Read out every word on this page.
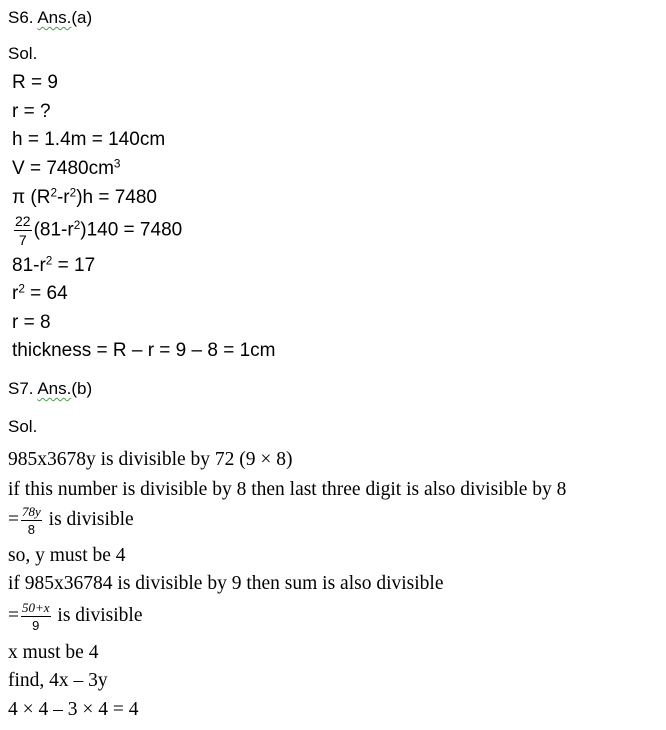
S6. Ans.(a)
Sol.
R = 9
r = ?
h = 1.4m = 140cm
$V = 7480cm^3$
π $(R^2-r^2)h = 7480$
$\frac{22}{7} (81-r^2)140 = 7480$
$81-r^2 = 17$
$r^2 = 64$
r = 8
thickness = R – r = 9 – 8 = 1cm
S7. Ans.(b)
Sol.
985x3678y is divisible by 72 (9 × 8)
if this number is divisible by 8 then last three digit is also divisible by 8
= $\frac{78y}{8}$ is divisible
so, y must be 4
if 985x36784 is divisible by 9 then sum is also divisible
= $\frac{50+x}{9}$ is divisible
x must be 4
find, 4x – 3y
4 × 4 – 3 × 4 = 4
